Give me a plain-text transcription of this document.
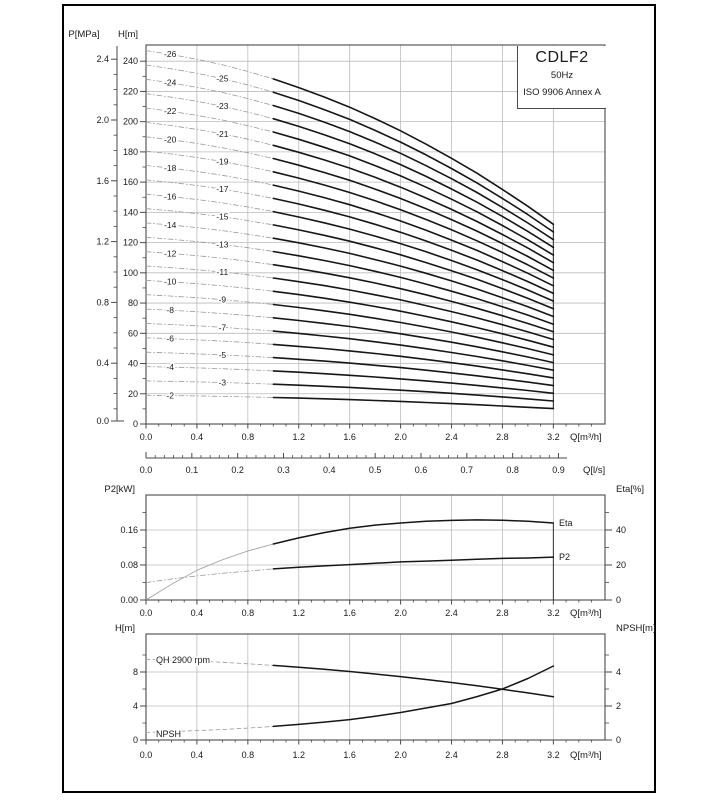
-2
-3
-4
-5
-6
-7
-8
-9
-10
-11
-12
-13
-14
-15
-16
-17
-18
-19
-20
-21
-22	-23
-24	-25
-26
0
20
40
60
80
100
120
140
160
180
200
220
240
H[m]
0.0
0.4
0.8
1.2
1.6
2.0
2.4
P[MPa]
0.0	0.4	0.8	1.2	1.6	2.0	2.4	2.8	3.2 Q[m³/h]
0.0	0.1	0.2	0.3	0.4	0.5	0.6	0.7	0.8	0.9 Q[l/s]
Eta
P2
0.00
0.08
0.16
P2[kW]
0
20
40
Eta[%]
0.0	0.4	0.8	1.2	1.6	2.0	2.4	2.8	3.2 Q[m³/h]
QH 2900 rpm
NPSH
0
4
8
H[m]
0
2
4
NPSH[m]
0.0	0.4	0.8	1.2	1.6	2.0	2.4	2.8	3.2 Q[m³/h]
CDLF2
50Hz
ISO 9906 Annex A
